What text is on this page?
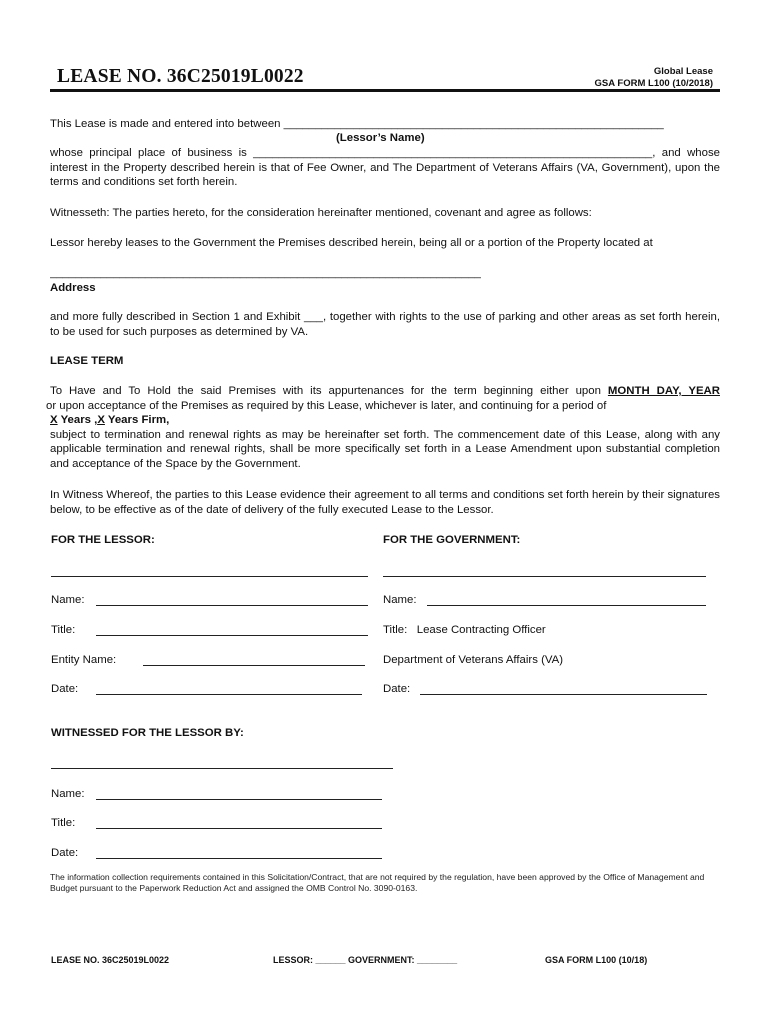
LEASE NO. 36C25019L0022	Global Lease
GSA FORM L100 (10/2018)
This Lease is made and entered into between ____________________________________________________________
(Lessor’s Name)
whose principal place of business is _______________________________________________________________, and whose interest in the Property described herein is that of Fee Owner, and The Department of Veterans Affairs (VA, Government), upon the terms and conditions set forth herein.
Witnesseth: The parties hereto, for the consideration hereinafter mentioned, covenant and agree as follows:
Lessor hereby leases to the Government the Premises described herein, being all or a portion of the Property located at
____________________________________________________________________
Address
and more fully described in Section 1 and Exhibit ___, together with rights to the use of parking and other areas as set forth herein, to be used for such purposes as determined by VA.
LEASE TERM
To Have and To Hold the said Premises with its appurtenances for the term beginning either upon MONTH DAY, YEAR
or upon acceptance of the Premises as required by this Lease, whichever is later, and continuing for a period of
X Years ,X Years Firm,
subject to termination and renewal rights as may be hereinafter set forth. The commencement date of this Lease, along with any applicable termination and renewal rights, shall be more specifically set forth in a Lease Amendment upon substantial completion and acceptance of the Space by the Government.
In Witness Whereof, the parties to this Lease evidence their agreement to all terms and conditions set forth herein by their signatures below, to be effective as of the date of delivery of the fully executed Lease to the Lessor.
FOR THE LESSOR:	FOR THE GOVERNMENT:
Name:	Name:
Title:	Title:   Lease Contracting Officer
Entity Name:	Department of Veterans Affairs (VA)
Date:	Date:
WITNESSED FOR THE LESSOR BY:
Name:
Title:
Date:
The information collection requirements contained in this Solicitation/Contract, that are not required by the regulation, have been approved by the Office of Management and Budget pursuant to the Paperwork Reduction Act and assigned the OMB Control No. 3090-0163.
LEASE NO. 36C25019L0022	LESSOR: ______ GOVERNMENT: ________	GSA FORM L100 (10/18)
